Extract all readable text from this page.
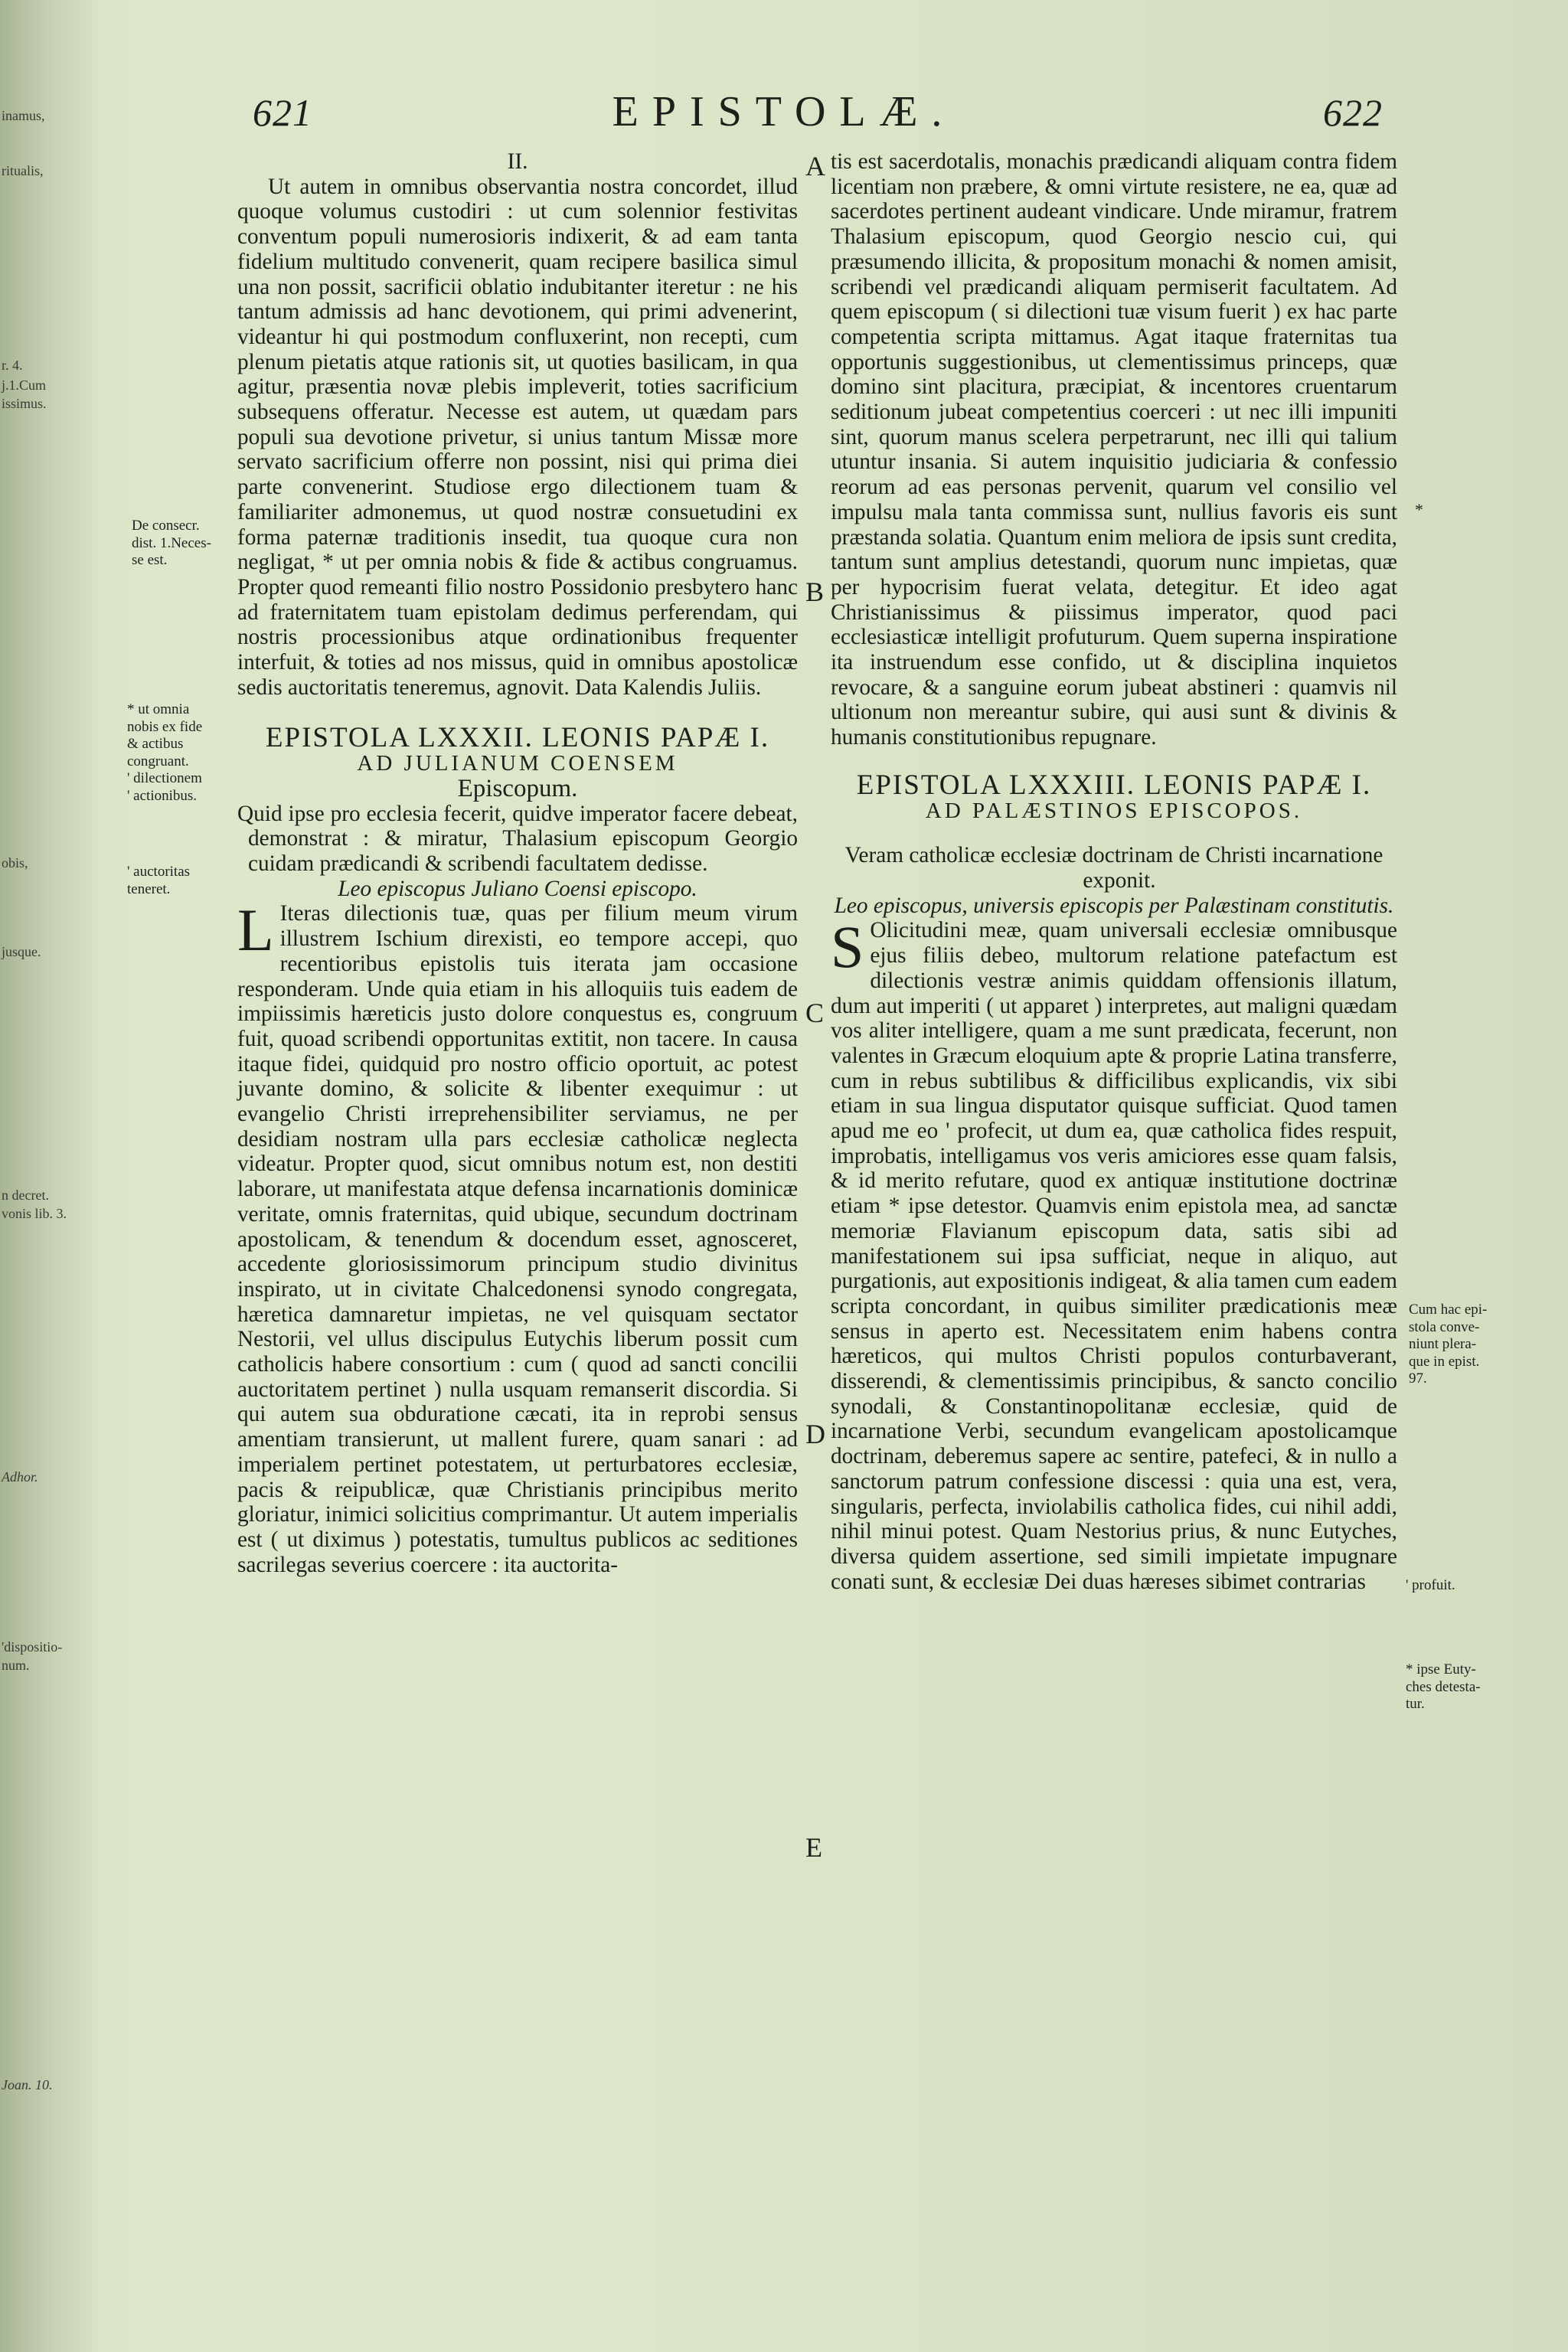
inamus,
ritualis,
r. 4.
j.1.Cum
issimus.
obis,
jusque.
n decret.
vonis lib. 3.
Adhor.
'dispositio-
num.
Joan. 10.
621	EPISTOLÆ.	622

II.

Ut autem in omnibus observantia nostra concordet, illud quoque volumus custodiri : ut cum solennior festivitas conventum populi numerosioris indixerit, & ad eam tanta fidelium multitudo convenerit, quam recipere basilica simul una non possit, sacrificii oblatio indubitanter iteretur : ne his tantum admissis ad hanc devotionem, qui primi advenerint, videantur hi qui postmodum confluxerint, non recepti, cum plenum pietatis atque rationis sit, ut quoties basilicam, in qua agitur, præsentia novæ plebis impleverit, toties sacrificium subsequens offeratur. Necesse est autem, ut quædam pars populi sua devotione privetur, si unius tantum Missæ more servato sacrificium offerre non possint, nisi qui prima diei parte convenerint. Studiose ergo dilectionem tuam & familiariter admonemus, ut quod nostræ consuetudini ex forma paternæ traditionis insedit, tua quoque cura non negligat, * ut per omnia nobis & fide & actibus congruamus. Propter quod remeanti filio nostro Possidonio presbytero hanc ad fraternitatem tuam epistolam dedimus perferendam, qui nostris processionibus atque ordinationibus frequenter interfuit, & toties ad nos missus, quid in omnibus apostolicæ sedis auctoritatis teneremus, agnovit. Data Kalendis Juliis.

EPISTOLA LXXXII. LEONIS PAPÆ I.

AD JULIANUM COENSEM

Episcopum.

Quid ipse pro ecclesia fecerit, quidve imperator facere debeat, demonstrat : & miratur, Thalasium episcopum Georgio cuidam prædicandi & scribendi facultatem dedisse.

Leo episcopus Juliano Coensi episcopo.

L Iteras dilectionis tuæ, quas per filium meum virum illustrem Ischium direxisti, eo tempore accepi, quo recentioribus epistolis tuis iterata jam occasione responderam. Unde quia etiam in his alloquiis tuis eadem de impiissimis hæreticis justo dolore conquestus es, congruum fuit, quoad scribendi opportunitas extitit, non tacere. In causa itaque fidei, quidquid pro nostro officio oportuit, ac potest juvante domino, & solicite & libenter exequimur : ut evangelio Christi irreprehensibiliter serviamus, ne per desidiam nostram ulla pars ecclesiæ catholicæ neglecta videatur. Propter quod, sicut omnibus notum est, non destiti laborare, ut manifestata atque defensa incarnationis dominicæ veritate, omnis fraternitas, quid ubique, secundum doctrinam apostolicam, & tenendum & docendum esset, agnosceret, accedente gloriosissimorum principum studio divinitus inspirato, ut in civitate Chalcedonensi synodo congregata, hæretica damnaretur impietas, ne vel quisquam sectator Nestorii, vel ullus discipulus Eutychis liberum possit cum catholicis habere consortium : cum ( quod ad sancti concilii auctoritatem pertinet ) nulla usquam remanserit discordia. Si qui autem sua obduratione cæcati, ita in reprobi sensus amentiam transierunt, ut mallent furere, quam sanari : ad imperialem pertinet potestatem, ut perturbatores ecclesiæ, pacis & reipublicæ, quæ Christianis principibus merito gloriatur, inimici solicitius comprimantur. Ut autem imperialis est ( ut diximus ) potestatis, tumultus publicos ac seditiones sacrilegas severius coercere : ita auctorita-

tis est sacerdotalis, monachis prædicandi aliquam contra fidem licentiam non præbere, & omni virtute resistere, ne ea, quæ ad sacerdotes pertinent audeant vindicare. Unde miramur, fratrem Thalasium episcopum, quod Georgio nescio cui, qui præsumendo illicita, & propositum monachi & nomen amisit, scribendi vel prædicandi aliquam permiserit facultatem. Ad quem episcopum ( si dilectioni tuæ visum fuerit ) ex hac parte competentia scripta mittamus. Agat itaque fraternitas tua opportunis suggestionibus, ut clementissimus princeps, quæ domino sint placitura, præcipiat, & incentores cruentarum seditionum jubeat competentius coerceri : ut nec illi impuniti sint, quorum manus scelera perpetrarunt, nec illi qui talium utuntur insania. Si autem inquisitio judiciaria & confessio reorum ad eas personas pervenit, quarum vel consilio vel impulsu mala tanta commissa sunt, nullius favoris eis sunt præstanda solatia. Quantum enim meliora de ipsis sunt credita, tantum sunt amplius detestandi, quorum nunc impietas, quæ per hypocrisim fuerat velata, detegitur. Et ideo agat Christianissimus & piissimus imperator, quod paci ecclesiasticæ intelligit profuturum. Quem superna inspiratione ita instruendum esse confido, ut & disciplina inquietos revocare, & a sanguine eorum jubeat abstineri : quamvis nil ultionum non mereantur subire, qui ausi sunt & divinis & humanis constitutionibus repugnare.

EPISTOLA LXXXIII. LEONIS PAPÆ I.

AD PALÆSTINOS EPISCOPOS.

Veram catholicæ ecclesiæ doctrinam de Christi incarnatione exponit.

Leo episcopus, universis episcopis per Palæstinam constitutis.

S Olicitudini meæ, quam universali ecclesiæ omnibusque ejus filiis debeo, multorum relatione patefactum est dilectionis vestræ animis quiddam offensionis illatum, dum aut imperiti ( ut apparet ) interpretes, aut maligni quædam vos aliter intelligere, quam a me sunt prædicata, fecerunt, non valentes in Græcum eloquium apte & proprie Latina transferre, cum in rebus subtilibus & difficilibus explicandis, vix sibi etiam in sua lingua disputator quisque sufficiat. Quod tamen apud me eo ' profecit, ut dum ea, quæ catholica fides respuit, improbatis, intelligamus vos veris amiciores esse quam falsis, & id merito refutare, quod ex antiquæ institutione doctrinæ etiam * ipse detestor. Quamvis enim epistola mea, ad sanctæ memoriæ Flavianum episcopum data, satis sibi ad manifestationem sui ipsa sufficiat, neque in aliquo, aut purgationis, aut expositionis indigeat, & alia tamen cum eadem scripta concordant, in quibus similiter prædicationis meæ sensus in aperto est. Necessitatem enim habens contra hæreticos, qui multos Christi populos conturbaverant, disserendi, & clementissimis principibus, & sancto concilio synodali, & Constantinopolitanæ ecclesiæ, quid de incarnatione Verbi, secundum evangelicam apostolicamque doctrinam, deberemus sapere ac sentire, patefeci, & in nullo a sanctorum patrum confessione discessi : quia una est, vera, singularis, perfecta, inviolabilis catholica fides, cui nihil addi, nihil minui potest. Quam Nestorius prius, & nunc Eutyches, diversa quidem assertione, sed simili impietate impugnare conati sunt, & ecclesiæ Dei duas hæreses sibimet contrarias

A
B
C
D
E
De consecr.
dist. 1.Neces-
se est.
* ut omnia
nobis ex fide
& actibus
congruant.
' dilectionem
' actionibus.
' auctoritas
teneret.
Cum hac epi-
stola conve-
niunt plera-
que in epist.
97.
' profuit.
* ipse Euty-
ches detesta-
tur.
*
